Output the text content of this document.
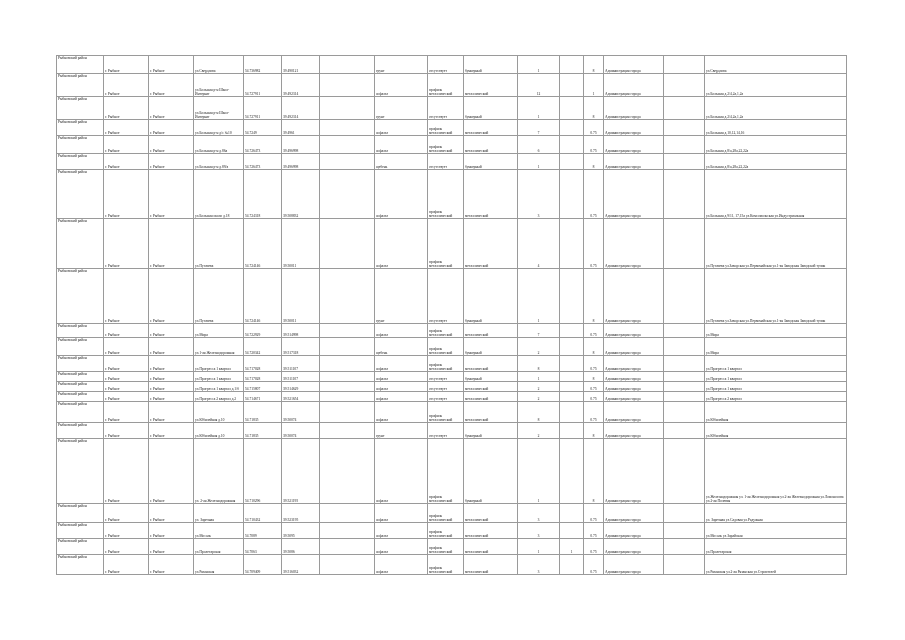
Рыбновский район	г. Рыбное	г. Рыбное	ул.Свердлова	54.736982	39.490121		грунт	отсутствует	бункерный	1		8	Администрация города		ул.Свердлова
Рыбновский район	г. Рыбное	г. Рыбное	ул.Большая р-н Школ- Интернат	54.727911	39.492314		асфальт	профиль металлический	металлический	12		1	Администрация города		ул.Большая д.2/4,2а,1,2а
Рыбновский район	г. Рыбное	г. Рыбное	ул.Большая р-н Школ- Интернат	54.727911	39.492314		грунт	отсутствует	бункерный	1		8	Администрация города		ул.Большая д.2/4,2а,1,2а
Рыбновский район	г. Рыбное	г. Рыбное	ул.Большая р-н д/с №10	54.7249	39.4961		асфальт	профиль металлический	металлический	7		0.75	Администрация города		ул.Большая д.10,12,14,16
Рыбновский район	г. Рыбное	г. Рыбное	ул.Большая р-н д.86а	54.726473	39.496998		асфальт	профиль металлический	металлический	6		0.75	Администрация города		ул.Большая д.8/а,28а,22,22а
Рыбновский район	г. Рыбное	г. Рыбное	ул.Большая р-н д.89/а	54.726473	39.496998		щебень	отсутствует	бункерный	1		8	Администрация города		ул.Большая д.8/а,28а,22,22а
Рыбновский район	г. Рыбное	г. Рыбное	ул.Большая около д.18	54.724318	39.508832		асфальт	профиль металлический	металлический	3		0.75	Администрация города		ул.Большая д.9/11, 17,15а ул.Комсомольская ул.Индустриальная
Рыбновский район	г. Рыбное	г. Рыбное	ул.Пугачева	54.724146	39.50011		асфальт	профиль металлический	металлический	4		0.75	Администрация города		ул.Пугачева ул.Заводская ул.Первомайская ул.1-ая Заводская Заводской тупик
Рыбновский район	г. Рыбное	г. Рыбное	ул.Пугачева	54.724146	39.50011		грунт	отсутствует	бункерный	1		8	Администрация города		ул.Пугачева ул.Заводская ул.Первомайская ул.1-ая Заводская Заводской тупик
Рыбновский район	г. Рыбное	г. Рыбное	ул.Мира	54.722929	39.514998		асфальт	профиль металлический	металлический	7		0.75	Администрация города		ул.Мира
Рыбновский район	г. Рыбное	г. Рыбное	ул.1-ая Железнодорожная	54.720342	39.517318		щебень	профиль металлический	бункерный	2		8	Администрация города		ул.Мира
Рыбновский район	г. Рыбное	г. Рыбное	ул.Прогресса 1 квартал	54.717028	39.511107		асфальт	профиль металлический	металлический	8		0.75	Администрация города		ул.Прогресса 1 квартал
Рыбновский район	г. Рыбное	г. Рыбное	ул.Прогресса 1 квартал	54.717028	39.511107		асфальт	отсутствует	бункерный	1		8	Администрация города		ул.Прогресса 1 квартал
Рыбновский район	г. Рыбное	г. Рыбное	ул.Прогресса 1 квартал д.1/б	54.715807	39.514629		асфальт	отсутствует	металлический	2		0.75	Администрация города		ул.Прогресса 1 квартал
Рыбновский район	г. Рыбное	г. Рыбное	ул.Прогресса 2 квартал д.2	54.714671	39.521654		асфальт	отсутствует	металлический	2		0.75	Администрация города		ул.Прогресса 2 квартал
Рыбновский район	г. Рыбное	г. Рыбное	ул.Юбилейная д.10	54.71835	39.50074		асфальт	профиль металлический	металлический	8		0.75	Администрация города		ул.Юбилейная
Рыбновский район	г. Рыбное	г. Рыбное	ул.Юбилейная д.10	54.71835	39.50074		грунт	отсутствует	бункерный	2		8	Администрация города		ул.Юбилейная
Рыбновский район	г. Рыбное	г. Рыбное	ул. 2-ая Железнодорожная	54.710296	39.521195		асфальт	профиль металлический	бункерный	1		8	Администрация города		ул.Железнодорожная ул. 1-ая Железнодорожная ул.2-ая Железнодорожная ул.Ломоносова ул.2-ая Полевая
Рыбновский район	г. Рыбное	г. Рыбное	ул. Заречная	54.710432	39.523195		асфальт	профиль металлический	металлический	3		0.75	Администрация города		ул. Заречная ул.Садовая ул.Радужная
Рыбновский район	г. Рыбное	г. Рыбное	ул.Мосаль	54.7089	39.5095		асфальт	профиль металлический	металлический	3		0.75	Администрация города		ул.Мосаль ул.Зарайская
Рыбновский район	г. Рыбное	г. Рыбное	ул.Пролетарская	54.7063	39.5086		асфальт	профиль металлический	металлический	1	1	0.75	Администрация города		ул.Пролетарская
Рыбновский район	г. Рыбное	г. Рыбное	ул.Рязанская	54.709409	39.516032		асфальт	профиль металлический	металлический	3		0.75	Администрация города		ул.Рязанская ул.2-ая Рязанская ул.Строителей
